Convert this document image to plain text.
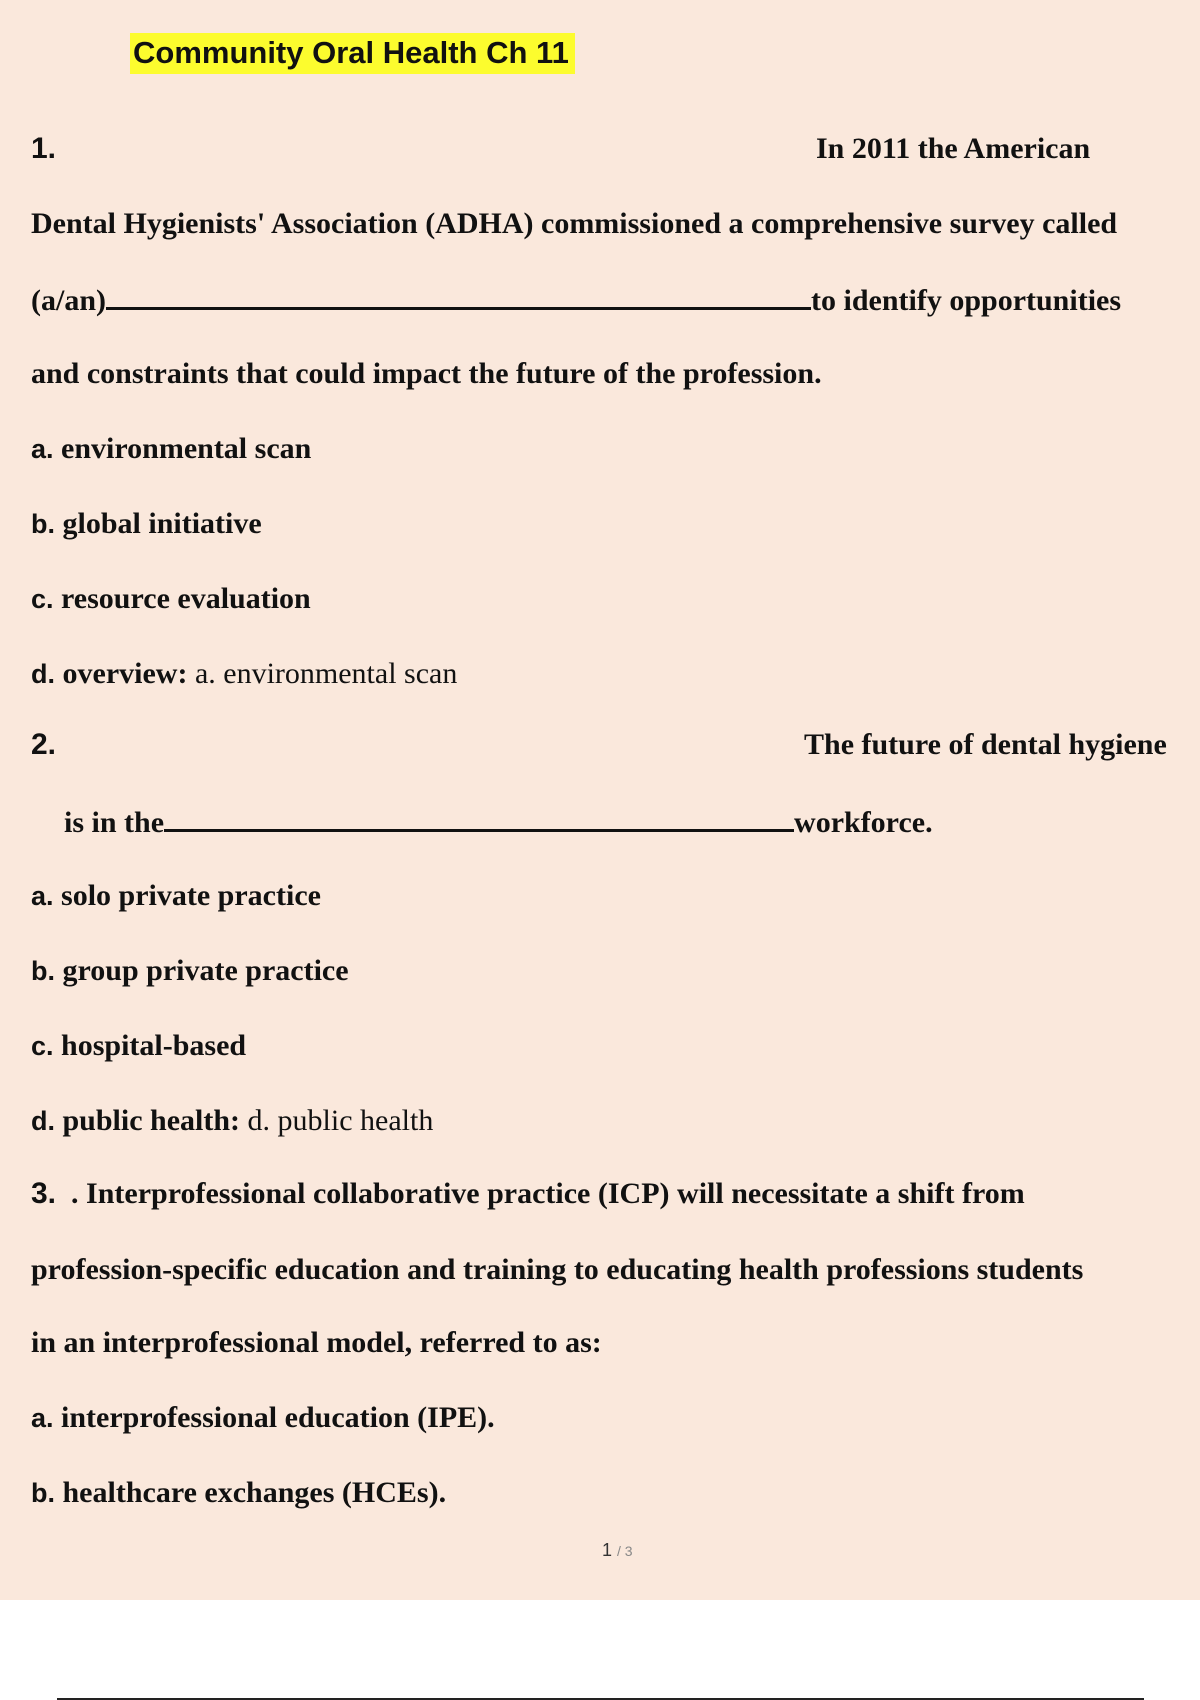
Community Oral Health Ch 11
1.	In 2011 the American
Dental Hygienists' Association (ADHA) commissioned a comprehensive survey called
(a/an)	to identify opportunities
and constraints that could impact the future of the profession.
a. environmental scan
b. global initiative
c. resource evaluation
d. overview: a. environmental scan
2.	The future of dental hygiene
is in the	workforce.
a. solo private practice
b. group private practice
c. hospital-based
d. public health: d. public health
3. . Interprofessional collaborative practice (ICP) will necessitate a shift from
profession-specific education and training to educating health professions students
in an interprofessional model, referred to as:
a. interprofessional education (IPE).
b. healthcare exchanges (HCEs).
1 / 3
